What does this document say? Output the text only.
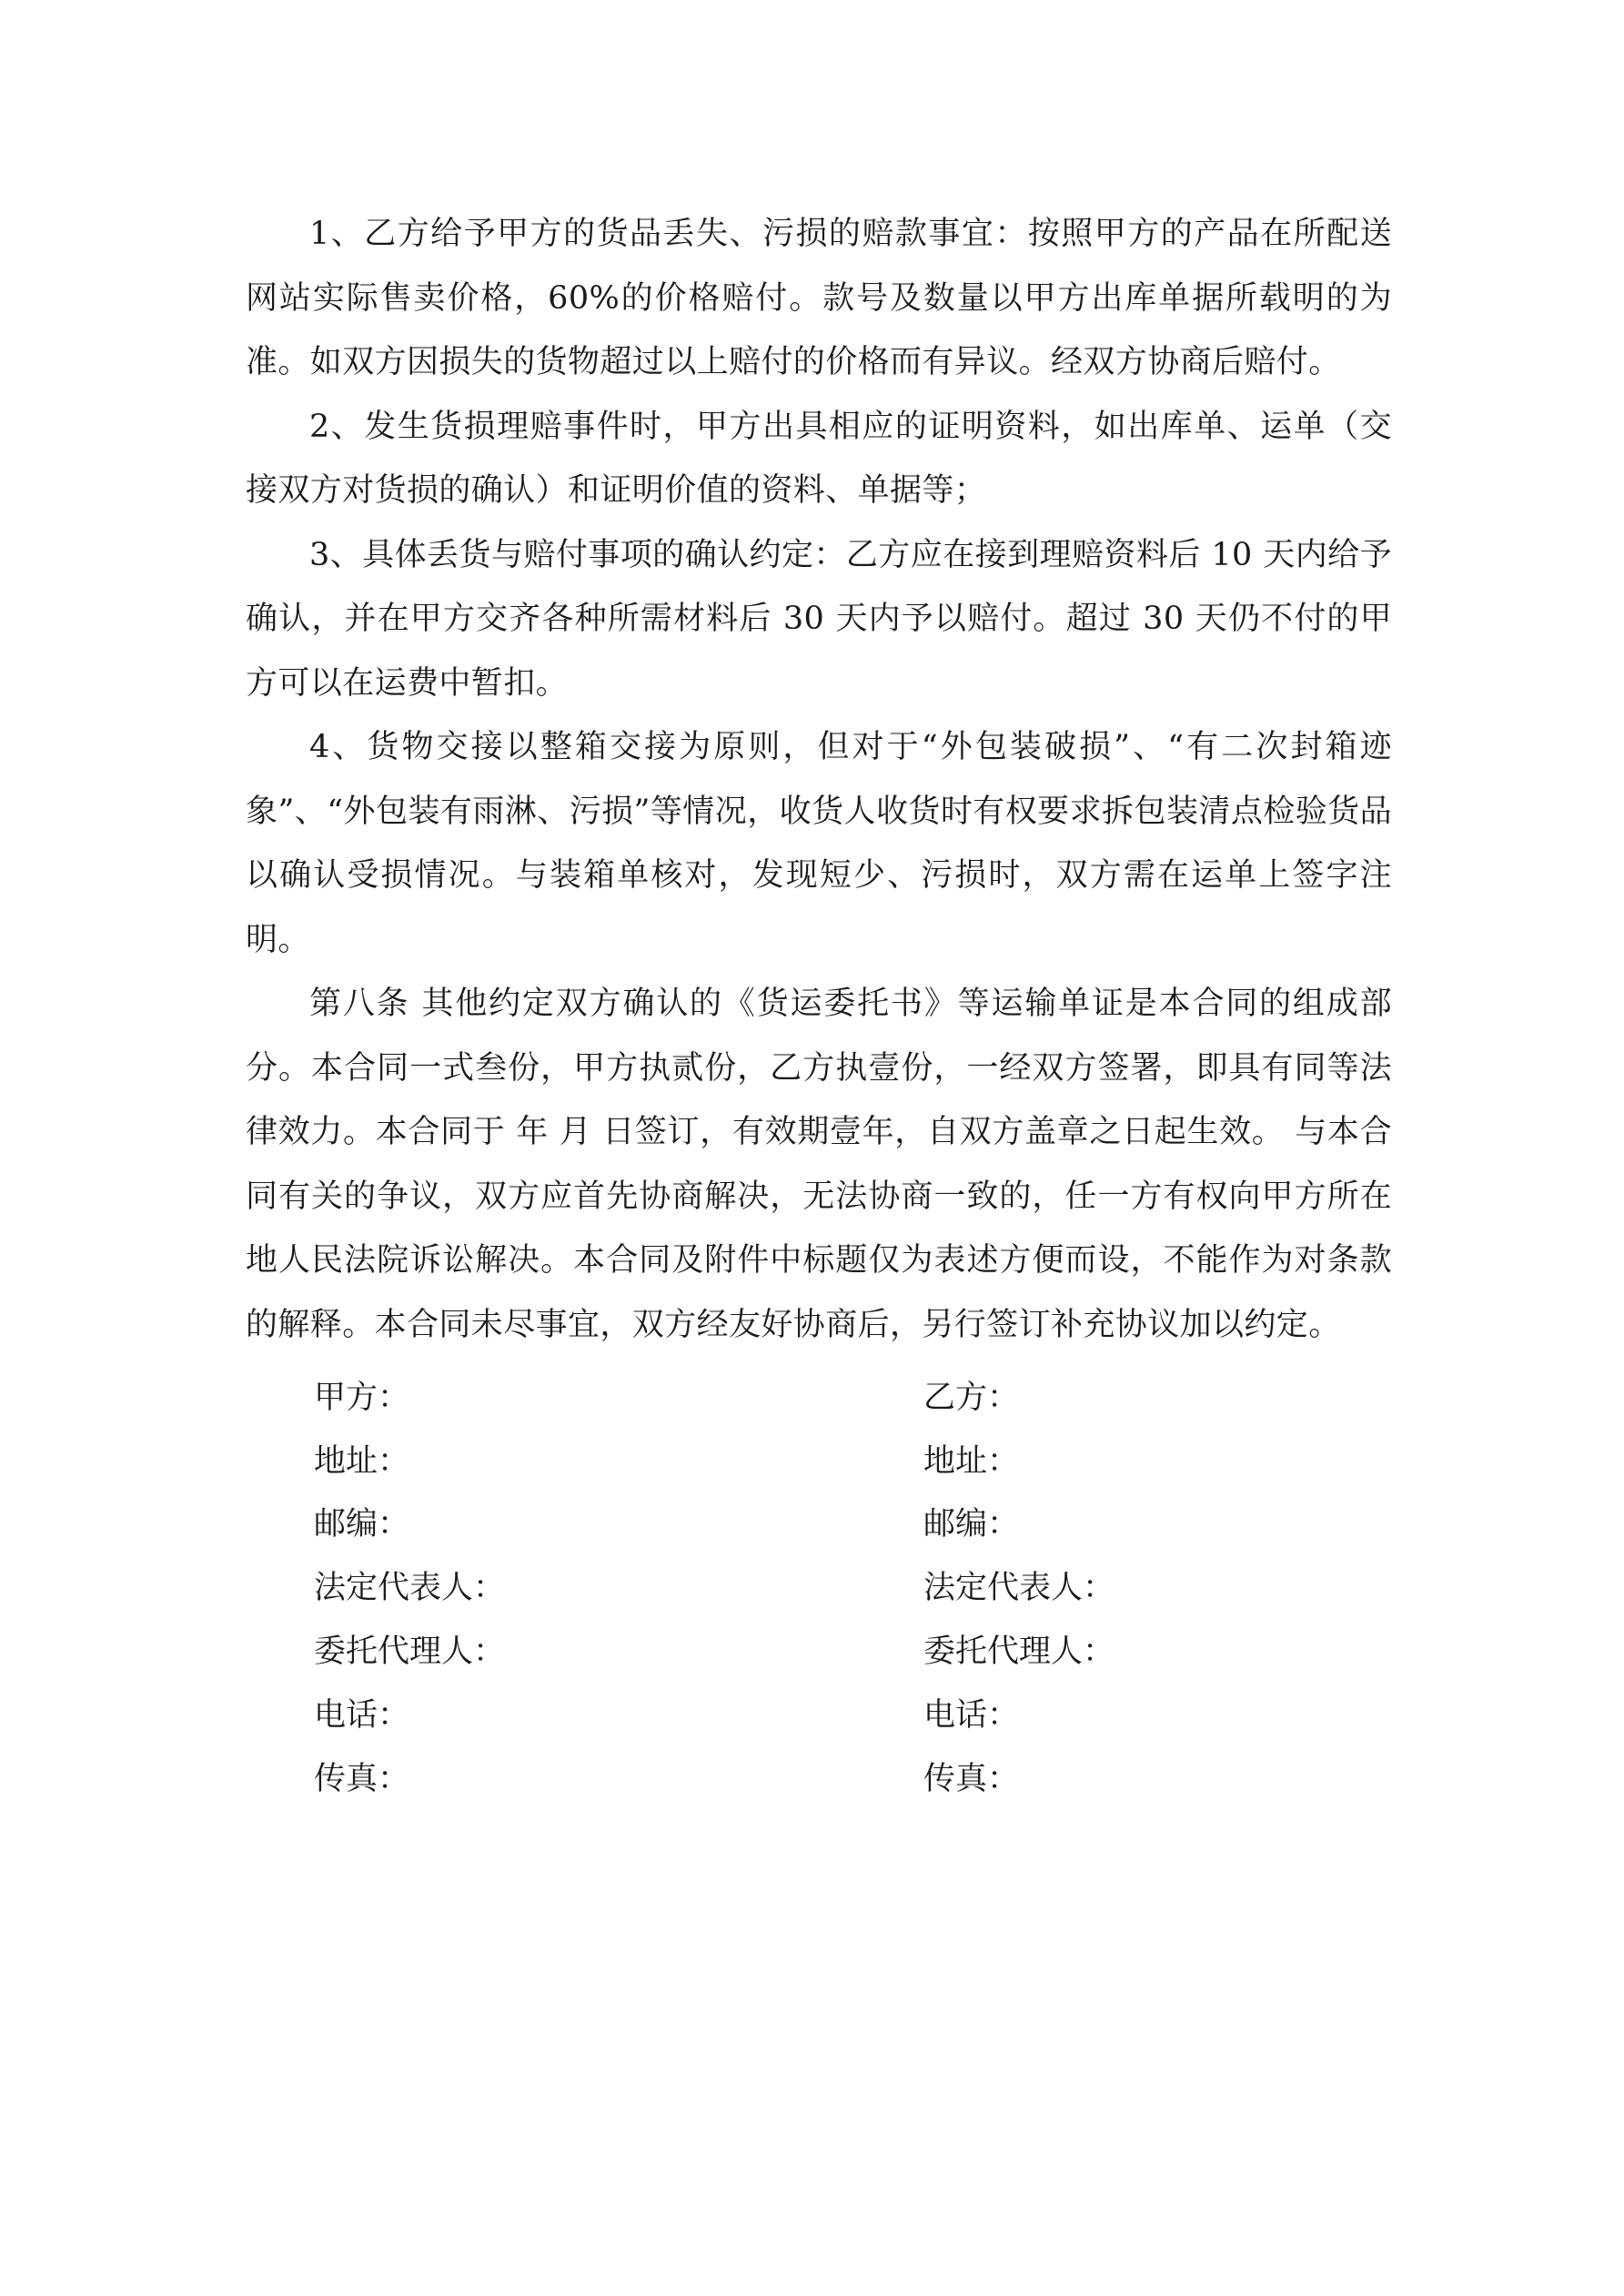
1、乙方给予甲方的货品丢失、污损的赔款事宜：按照甲方的产品在所配送网站实际售卖价格，60%的价格赔付。款号及数量以甲方出库单据所载明的为准。如双方因损失的货物超过以上赔付的价格而有异议。经双方协商后赔付。

2、发生货损理赔事件时，甲方出具相应的证明资料，如出库单、运单（交接双方对货损的确认）和证明价值的资料、单据等；

3、具体丢货与赔付事项的确认约定：乙方应在接到理赔资料后 10 天内给予确认，并在甲方交齐各种所需材料后 30 天内予以赔付。超过 30 天仍不付的甲方可以在运费中暂扣。

4、货物交接以整箱交接为原则，但对于“外包装破损”、“有二次封箱迹象”、“外包装有雨淋、污损”等情况，收货人收货时有权要求拆包装清点检验货品以确认受损情况。与装箱单核对，发现短少、污损时，双方需在运单上签字注明。

第八条 其他约定双方确认的《货运委托书》等运输单证是本合同的组成部分。本合同一式叁份，甲方执贰份，乙方执壹份，一经双方签署，即具有同等法律效力。本合同于 年 月 日签订，有效期壹年，自双方盖章之日起生效。 与本合同有关的争议，双方应首先协商解决，无法协商一致的，任一方有权向甲方所在地人民法院诉讼解决。本合同及附件中标题仅为表述方便而设，不能作为对条款的解释。本合同未尽事宜，双方经友好协商后，另行签订补充协议加以约定。

甲方：	乙方：
地址：	地址：
邮编：	邮编：
法定代表人：	法定代表人：
委托代理人：	委托代理人：
电话：	电话：
传真：	传真：
